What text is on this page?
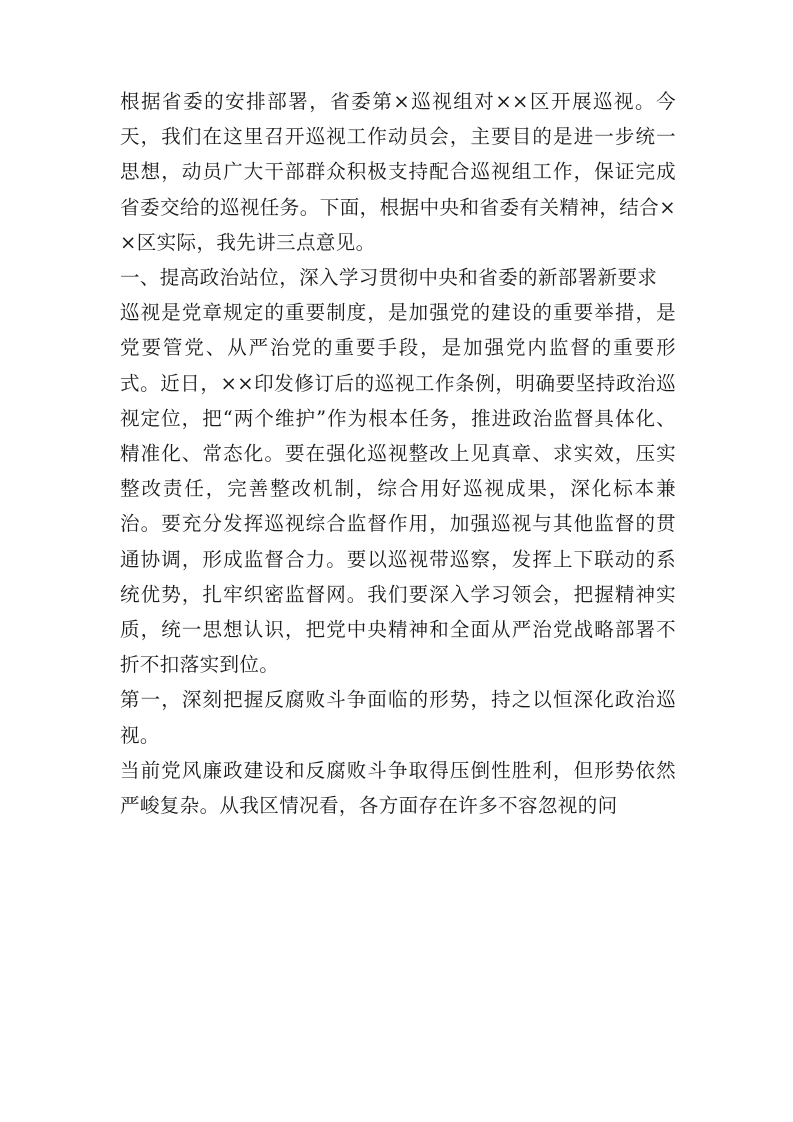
根据省委的安排部署，省委第×巡视组对××区开展巡视。今天，我们在这里召开巡视工作动员会，主要目的是进一步统一思想，动员广大干部群众积极支持配合巡视组工作，保证完成省委交给的巡视任务。下面，根据中央和省委有关精神，结合××区实际，我先讲三点意见。

一、提高政治站位，深入学习贯彻中央和省委的新部署新要求

巡视是党章规定的重要制度，是加强党的建设的重要举措，是党要管党、从严治党的重要手段，是加强党内监督的重要形式。近日，××印发修订后的巡视工作条例，明确要坚持政治巡视定位，把“两个维护”作为根本任务，推进政治监督具体化、精准化、常态化。要在强化巡视整改上见真章、求实效，压实整改责任，完善整改机制，综合用好巡视成果，深化标本兼治。要充分发挥巡视综合监督作用，加强巡视与其他监督的贯通协调，形成监督合力。要以巡视带巡察，发挥上下联动的系统优势，扎牢织密监督网。我们要深入学习领会，把握精神实质，统一思想认识，把党中央精神和全面从严治党战略部署不折不扣落实到位。

第一，深刻把握反腐败斗争面临的形势，持之以恒深化政治巡视。

当前党风廉政建设和反腐败斗争取得压倒性胜利，但形势依然严峻复杂。从我区情况看，各方面存在许多不容忽视的问
